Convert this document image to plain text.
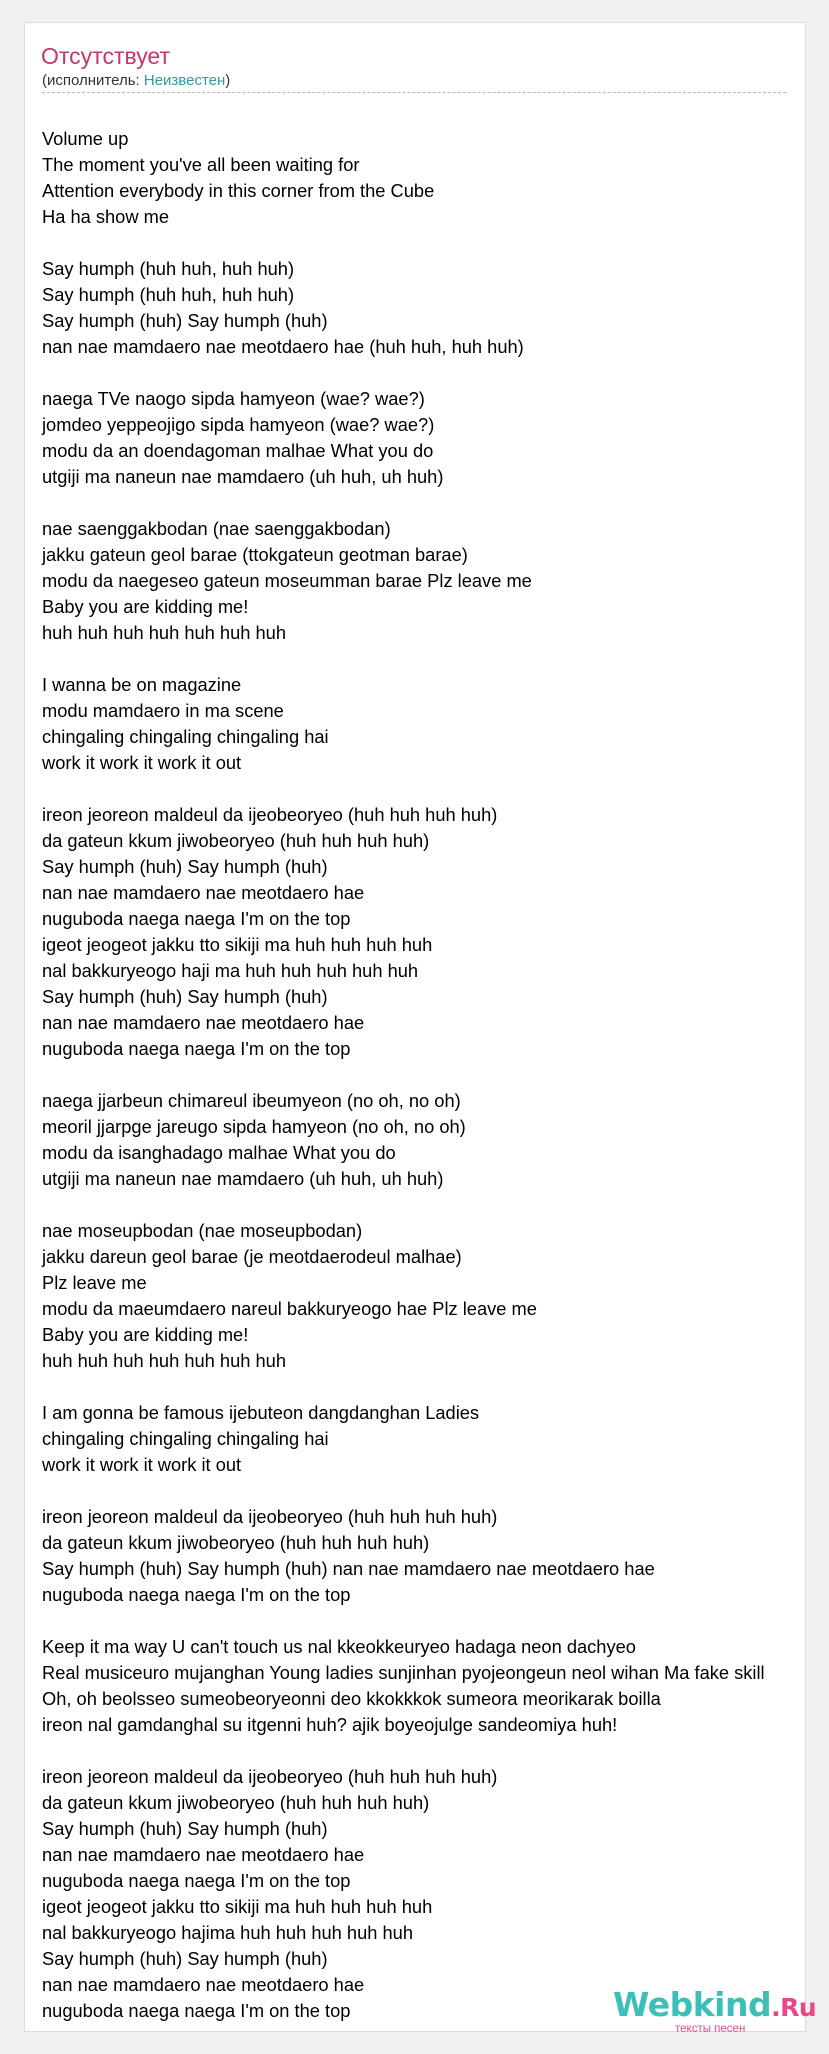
Отсутствует
(исполнитель: Неизвестен)
Volume up
The moment you've all been waiting for
Attention everybody in this corner from the Cube
Ha ha show me
Say humph (huh huh, huh huh)
Say humph (huh huh, huh huh)
Say humph (huh) Say humph (huh)
nan nae mamdaero nae meotdaero hae (huh huh, huh huh)
naega TVe naogo sipda hamyeon (wae? wae?)
jomdeo yeppeojigo sipda hamyeon (wae? wae?)
modu da an doendagoman malhae What you do
utgiji ma naneun nae mamdaero (uh huh, uh huh)
nae saenggakbodan (nae saenggakbodan)
jakku gateun geol barae (ttokgateun geotman barae)
modu da naegeseo gateun moseumman barae Plz leave me
Baby you are kidding me!
huh huh huh huh huh huh huh
I wanna be on magazine
modu mamdaero in ma scene
chingaling chingaling chingaling hai
work it work it work it out
ireon jeoreon maldeul da ijeobeoryeo (huh huh huh huh)
da gateun kkum jiwobeoryeo (huh huh huh huh)
Say humph (huh) Say humph (huh)
nan nae mamdaero nae meotdaero hae
nuguboda naega naega I'm on the top
igeot jeogeot jakku tto sikiji ma huh huh huh huh
nal bakkuryeogo haji ma huh huh huh huh huh
Say humph (huh) Say humph (huh)
nan nae mamdaero nae meotdaero hae
nuguboda naega naega I'm on the top
naega jjarbeun chimareul ibeumyeon (no oh, no oh)
meoril jjarpge jareugo sipda hamyeon (no oh, no oh)
modu da isanghadago malhae What you do
utgiji ma naneun nae mamdaero (uh huh, uh huh)
nae moseupbodan (nae moseupbodan)
jakku dareun geol barae (je meotdaerodeul malhae)
Plz leave me
modu da maeumdaero nareul bakkuryeogo hae Plz leave me
Baby you are kidding me!
huh huh huh huh huh huh huh
I am gonna be famous ijebuteon dangdanghan Ladies
chingaling chingaling chingaling hai
work it work it work it out
ireon jeoreon maldeul da ijeobeoryeo (huh huh huh huh)
da gateun kkum jiwobeoryeo (huh huh huh huh)
Say humph (huh) Say humph (huh) nan nae mamdaero nae meotdaero hae
nuguboda naega naega I'm on the top
Keep it ma way U can't touch us nal kkeokkeuryeo hadaga neon dachyeo
Real musiceuro mujanghan Young ladies sunjinhan pyojeongeun neol wihan Ma fake skill
Oh, oh beolsseo sumeobeoryeonni deo kkokkkok sumeora meorikarak boilla
ireon nal gamdanghal su itgenni huh? ajik boyeojulge sandeomiya huh!
ireon jeoreon maldeul da ijeobeoryeo (huh huh huh huh)
da gateun kkum jiwobeoryeo (huh huh huh huh)
Say humph (huh) Say humph (huh)
nan nae mamdaero nae meotdaero hae
nuguboda naega naega I'm on the top
igeot jeogeot jakku tto sikiji ma huh huh huh huh
nal bakkuryeogo hajima huh huh huh huh huh
Say humph (huh) Say humph (huh)
nan nae mamdaero nae meotdaero hae
nuguboda naega naega I'm on the top	Webkind.Ru
тексты песен
